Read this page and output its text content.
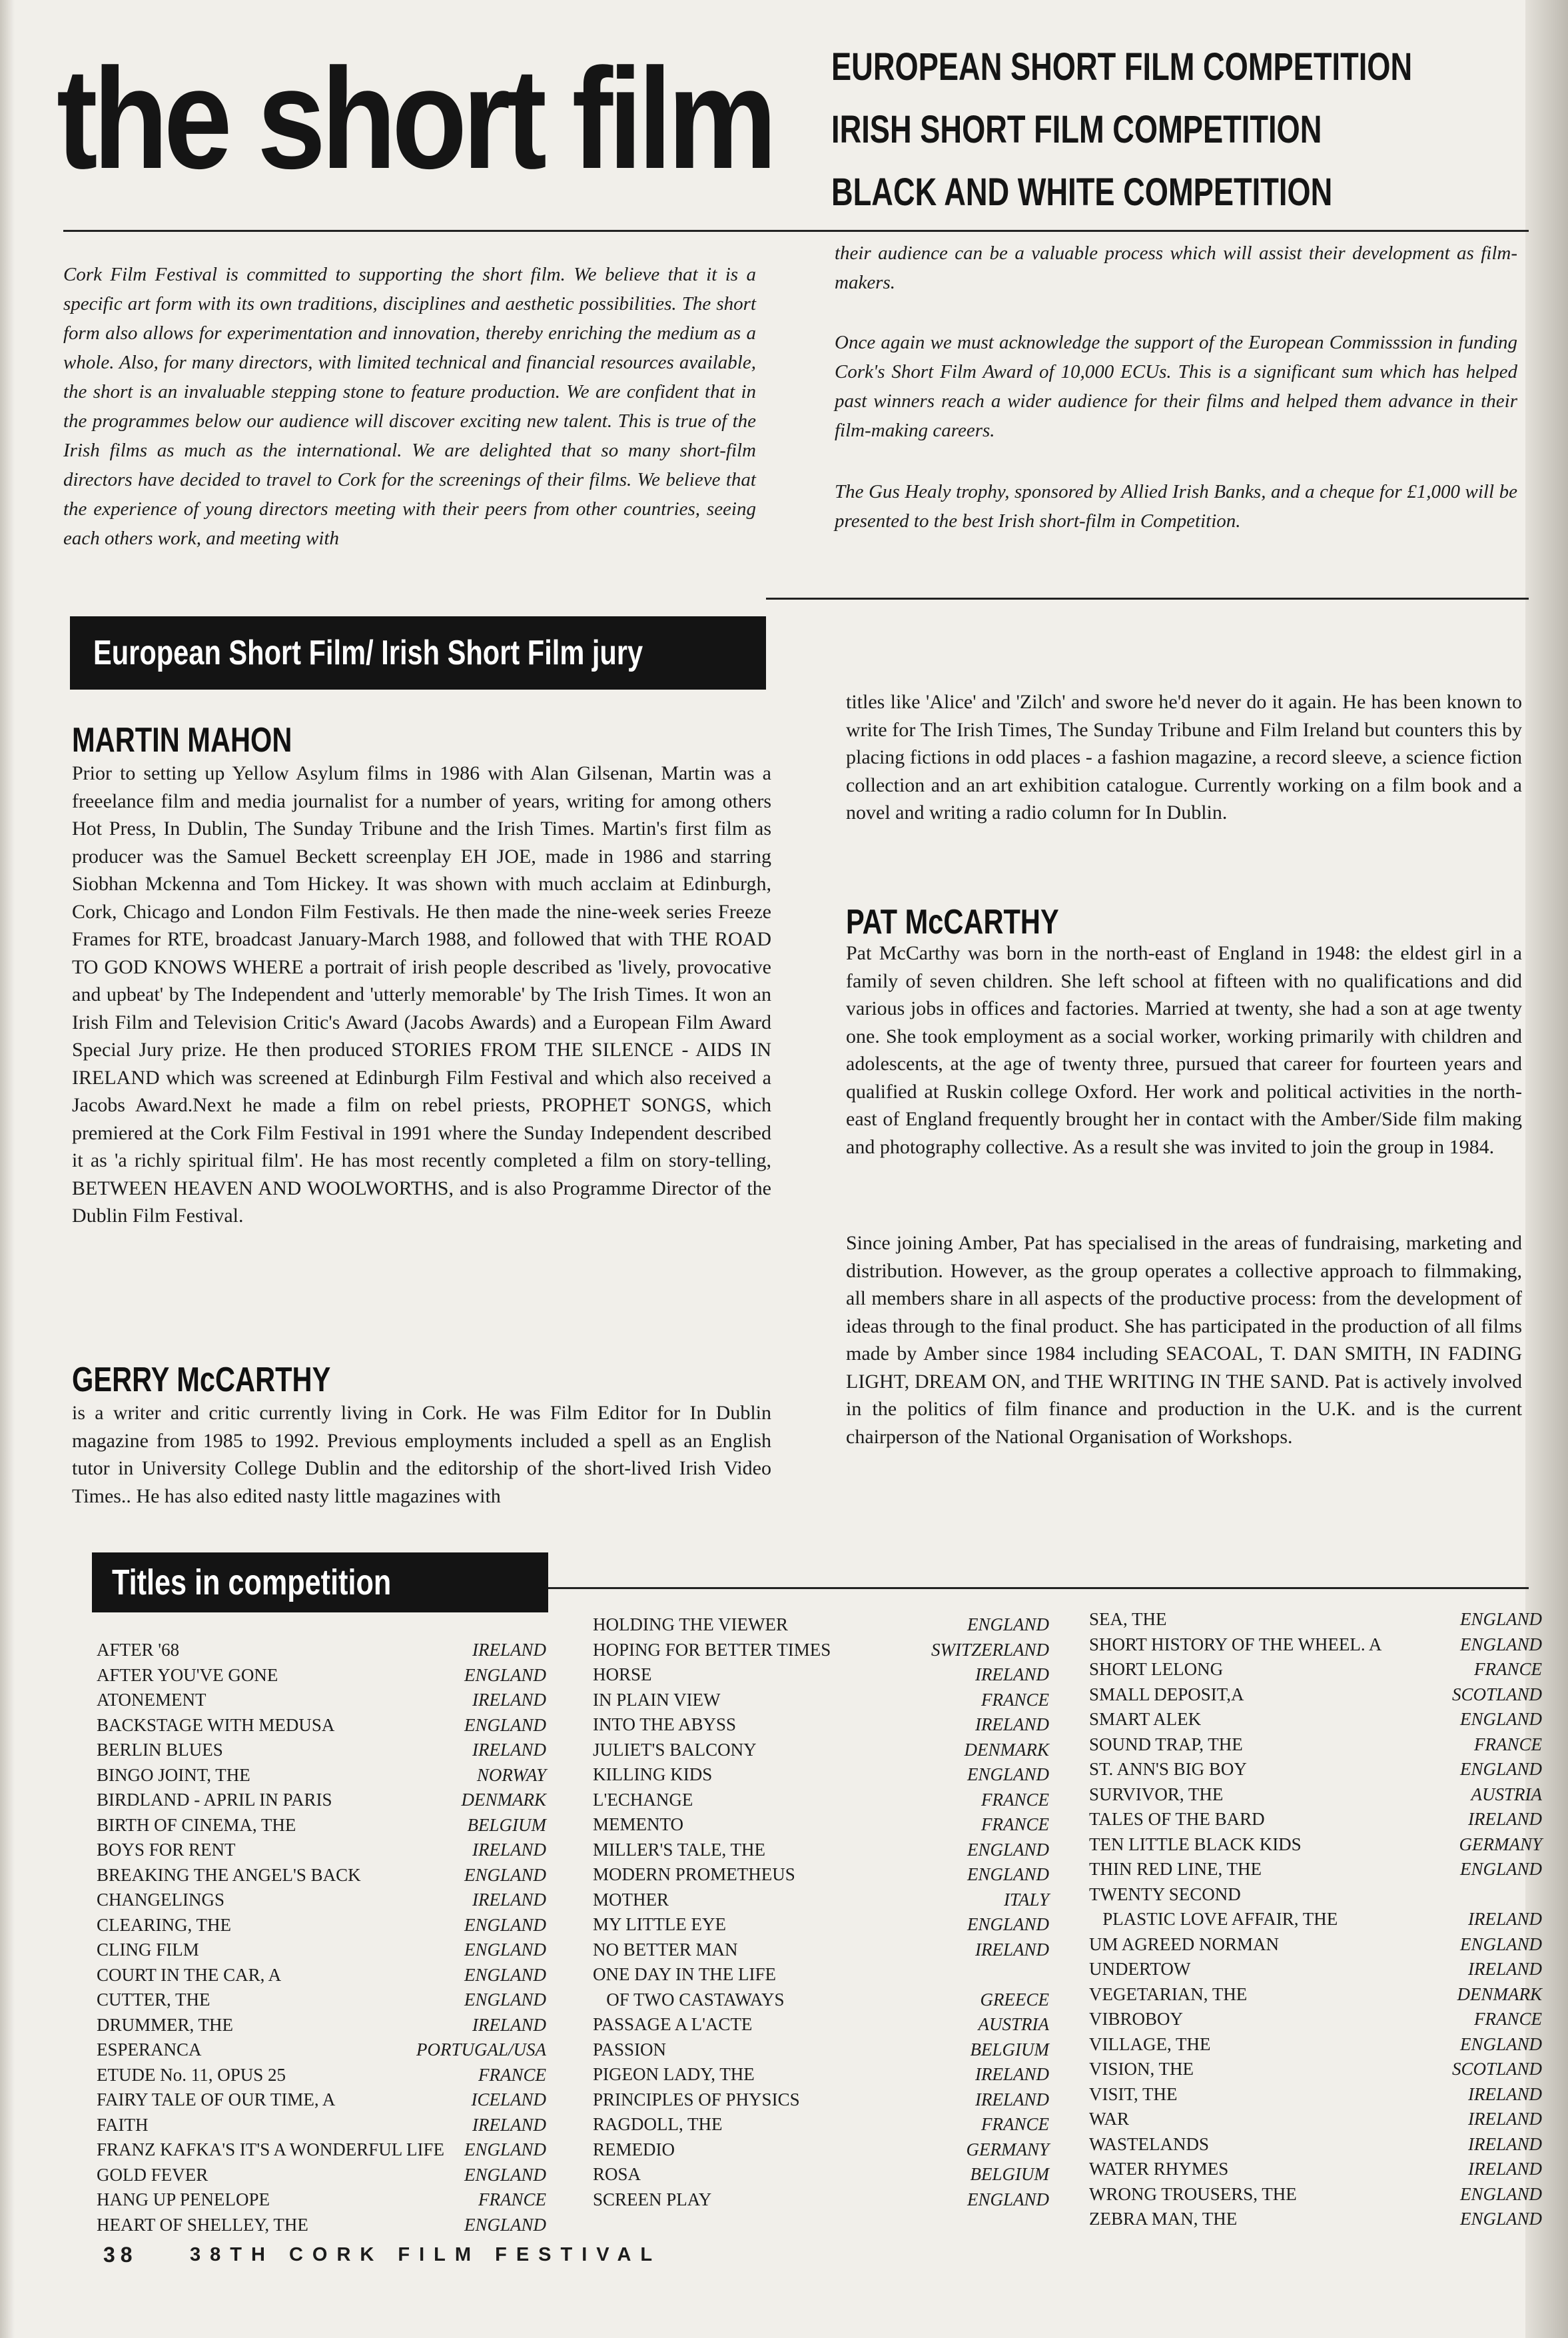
the short film EUROPEAN SHORT FILM COMPETITION
IRISH SHORT FILM COMPETITION
BLACK AND WHITE COMPETITION
Cork Film Festival is committed to supporting the short film. We believe that it is a specific art form with its own traditions, disciplines and aesthetic possibilities. The short form also allows for experimentation and innovation, thereby enriching the medium as a whole. Also, for many directors, with limited technical and financial resources available, the short is an invaluable stepping stone to feature production. We are confident that in the programmes below our audience will discover exciting new talent. This is true of the Irish films as much as the international. We are delighted that so many short-film directors have decided to travel to Cork for the screenings of their films. We believe that the experience of young directors meeting with their peers from other countries, seeing each others work, and meeting with
their audience can be a valuable process which will assist their development as film-makers.
Once again we must acknowledge the support of the European Commisssion in funding Cork's Short Film Award of 10,000 ECUs. This is a significant sum which has helped past winners reach a wider audience for their films and helped them advance in their film-making careers.
The Gus Healy trophy, sponsored by Allied Irish Banks, and a cheque for £1,000 will be presented to the best Irish short-film in Competition.
European Short Film/ Irish Short Film jury
MARTIN MAHON
Prior to setting up Yellow Asylum films in 1986 with Alan Gilsenan, Martin was a freeelance film and media journalist for a number of years, writing for among others Hot Press, In Dublin, The Sunday Tribune and the Irish Times. Martin's first film as producer was the Samuel Beckett screenplay EH JOE, made in 1986 and starring Siobhan Mckenna and Tom Hickey. It was shown with much acclaim at Edinburgh, Cork, Chicago and London Film Festivals. He then made the nine-week series Freeze Frames for RTE, broadcast January-March 1988, and followed that with THE ROAD TO GOD KNOWS WHERE a portrait of irish people described as 'lively, provocative and upbeat' by The Independent and 'utterly memorable' by The Irish Times. It won an Irish Film and Television Critic's Award (Jacobs Awards) and a European Film Award Special Jury prize. He then produced STORIES FROM THE SILENCE - AIDS IN IRELAND which was screened at Edinburgh Film Festival and which also received a Jacobs Award.Next he made a film on rebel priests, PROPHET SONGS, which premiered at the Cork Film Festival in 1991 where the Sunday Independent described it as 'a richly spiritual film'. He has most recently completed a film on story-telling, BETWEEN HEAVEN AND WOOLWORTHS, and is also Programme Director of the Dublin Film Festival.
GERRY McCARTHY
is a writer and critic currently living in Cork. He was Film Editor for In Dublin magazine from 1985 to 1992. Previous employments included a spell as an English tutor in University College Dublin and the editorship of the short-lived Irish Video Times.. He has also edited nasty little magazines with
titles like 'Alice' and 'Zilch' and swore he'd never do it again. He has been known to write for The Irish Times, The Sunday Tribune and Film Ireland but counters this by placing fictions in odd places - a fashion magazine, a record sleeve, a science fiction collection and an art exhibition catalogue. Currently working on a film book and a novel and writing a radio column for In Dublin.
PAT McCARTHY
Pat McCarthy was born in the north-east of England in 1948: the eldest girl in a family of seven children. She left school at fifteen with no qualifications and did various jobs in offices and factories. Married at twenty, she had a son at age twenty one. She took employment as a social worker, working primarily with children and adolescents, at the age of twenty three, pursued that career for fourteen years and qualified at Ruskin college Oxford. Her work and political activities in the north-east of England frequently brought her in contact with the Amber/Side film making and photography collective. As a result she was invited to join the group in 1984.
Since joining Amber, Pat has specialised in the areas of fundraising, marketing and distribution. However, as the group operates a collective approach to filmmaking, all members share in all aspects of the productive process: from the development of ideas through to the final product. She has participated in the production of all films made by Amber since 1984 including SEACOAL, T. DAN SMITH, IN FADING LIGHT, DREAM ON, and THE WRITING IN THE SAND. Pat is actively involved in the politics of film finance and production in the U.K. and is the current chairperson of the National Organisation of Workshops.
Titles in competition
AFTER '68	IRELAND
AFTER YOU'VE GONE	ENGLAND
ATONEMENT	IRELAND
BACKSTAGE WITH MEDUSA	ENGLAND
BERLIN BLUES	IRELAND
BINGO JOINT, THE	NORWAY
BIRDLAND - APRIL IN PARIS	DENMARK
BIRTH OF CINEMA, THE	BELGIUM
BOYS FOR RENT	IRELAND
BREAKING THE ANGEL'S BACK	ENGLAND
CHANGELINGS	IRELAND
CLEARING, THE	ENGLAND
CLING FILM	ENGLAND
COURT IN THE CAR, A	ENGLAND
CUTTER, THE	ENGLAND
DRUMMER, THE	IRELAND
ESPERANCA	PORTUGAL/USA
ETUDE No. 11, OPUS 25	FRANCE
FAIRY TALE OF OUR TIME, A	ICELAND
FAITH	IRELAND
FRANZ KAFKA'S IT'S A WONDERFUL LIFE ENGLAND
GOLD FEVER	ENGLAND
HANG UP PENELOPE	FRANCE
HEART OF SHELLEY, THE	ENGLAND
HOLDING THE VIEWER	ENGLAND
HOPING FOR BETTER TIMES	SWITZERLAND
HORSE	IRELAND
IN PLAIN VIEW	FRANCE
INTO THE ABYSS	IRELAND
JULIET'S BALCONY	DENMARK
KILLING KIDS	ENGLAND
L'ECHANGE	FRANCE
MEMENTO	FRANCE
MILLER'S TALE, THE	ENGLAND
MODERN PROMETHEUS	ENGLAND
MOTHER	ITALY
MY LITTLE EYE	ENGLAND
NO BETTER MAN	IRELAND
ONE DAY IN THE LIFE
OF TWO CASTAWAYS	GREECE
PASSAGE A L'ACTE	AUSTRIA
PASSION	BELGIUM
PIGEON LADY, THE	IRELAND
PRINCIPLES OF PHYSICS	IRELAND
RAGDOLL, THE	FRANCE
REMEDIO	GERMANY
ROSA	BELGIUM
SCREEN PLAY	ENGLAND
SEA, THE	ENGLAND
SHORT HISTORY OF THE WHEEL. A	ENGLAND
SHORT LELONG	FRANCE
SMALL DEPOSIT,A	SCOTLAND
SMART ALEK	ENGLAND
SOUND TRAP, THE	FRANCE
ST. ANN'S BIG BOY	ENGLAND
SURVIVOR, THE	AUSTRIA
TALES OF THE BARD	IRELAND
TEN LITTLE BLACK KIDS	GERMANY
THIN RED LINE, THE	ENGLAND
TWENTY SECOND
PLASTIC LOVE AFFAIR, THE	IRELAND
UM AGREED NORMAN	ENGLAND
UNDERTOW	IRELAND
VEGETARIAN, THE	DENMARK
VIBROBOY	FRANCE
VILLAGE, THE	ENGLAND
VISION, THE	SCOTLAND
VISIT, THE	IRELAND
WAR	IRELAND
WASTELANDS	IRELAND
WATER RHYMES	IRELAND
WRONG TROUSERS, THE	ENGLAND
ZEBRA MAN, THE	ENGLAND
38	38TH CORK FILM FESTIVAL
